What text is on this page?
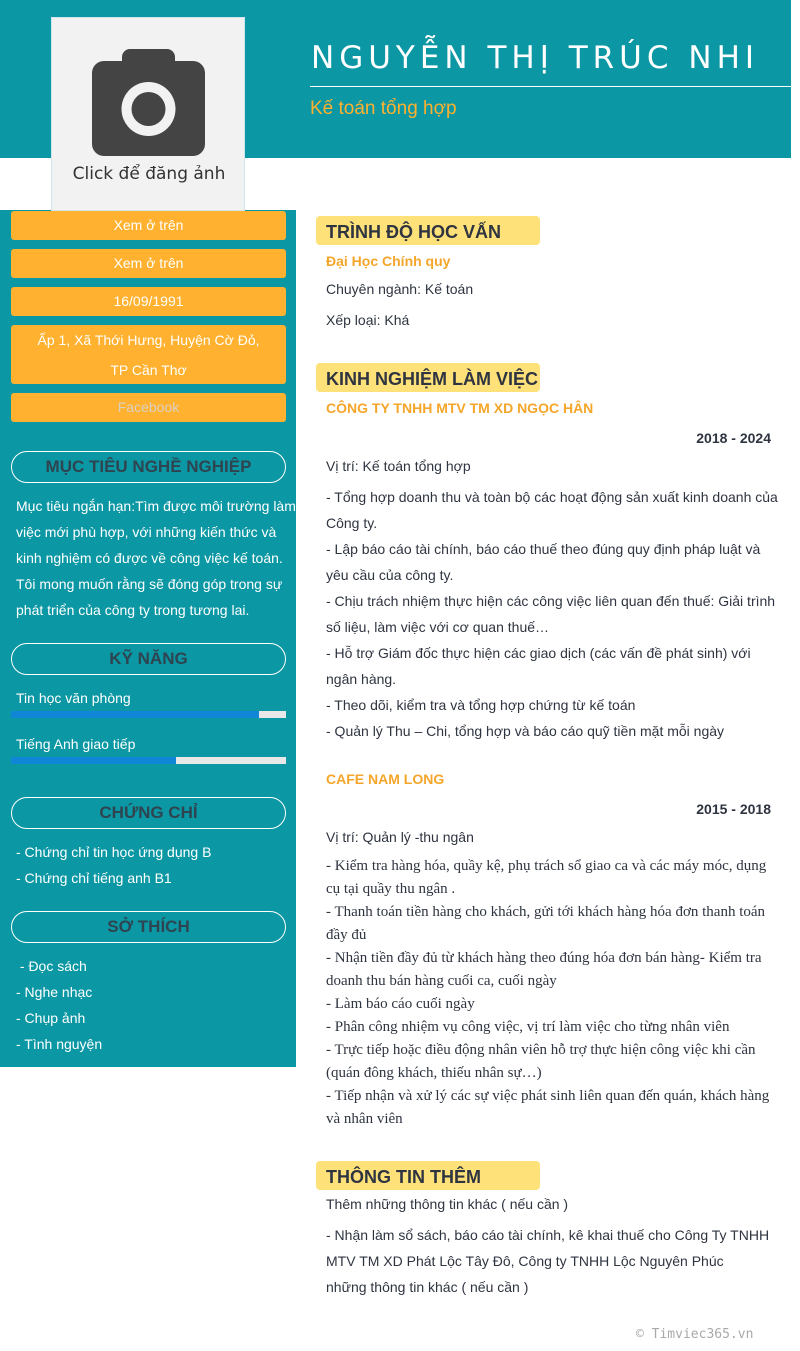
NGUYỄN THỊ TRÚC NHI
Kế toán tổng hợp
Click để đăng ảnh
Xem ở trên
Xem ở trên
16/09/1991
Ấp 1, Xã Thới Hưng, Huyện Cờ Đỏ, TP Cần Thơ
Facebook
MỤC TIÊU NGHỀ NGHIỆP
Mục tiêu ngắn hạn:Tìm được môi trường làm việc mới phù hợp, với những kiến thức và kinh nghiệm có được về công việc kế toán. Tôi mong muốn rằng sẽ đóng góp trong sự phát triển của công ty trong tương lai.
KỸ NĂNG
Tin học văn phòng
Tiếng Anh giao tiếp
CHỨNG CHỈ
- Chứng chỉ tin học ứng dụng B
- Chứng chỉ tiếng anh B1
SỞ THÍCH
- Đọc sách
- Nghe nhạc
- Chụp ảnh
- Tình nguyện
TRÌNH ĐỘ HỌC VẤN
Đại Học Chính quy
Chuyên ngành: Kế toán
Xếp loại: Khá
KINH NGHIỆM LÀM VIỆC
CÔNG TY TNHH MTV TM XD NGỌC HÂN
2018 - 2024
Vị trí: Kế toán tổng hợp

- Tổng hợp doanh thu và toàn bộ các hoạt động sản xuất kinh doanh của Công ty.

- Lập báo cáo tài chính, báo cáo thuế theo đúng quy định pháp luật và yêu cầu của công ty.

- Chịu trách nhiệm thực hiện các công việc liên quan đến thuế: Giải trình số liệu, làm việc với cơ quan thuế…

- Hỗ trợ Giám đốc thực hiện các giao dịch (các vấn đề phát sinh) với ngân hàng.

- Theo dõi, kiểm tra và tổng hợp chứng từ kế toán

- Quản lý Thu – Chi, tổng hợp và báo cáo quỹ tiền mặt mỗi ngày

CAFE NAM LONG
2015 - 2018
Vị trí: Quản lý -thu ngân

- Kiểm tra hàng hóa, quầy kệ, phụ trách sổ giao ca và các máy móc, dụng cụ tại quầy thu ngân .

- Thanh toán tiền hàng cho khách, gửi tới khách hàng hóa đơn thanh toán đầy đủ

- Nhận tiền đầy đủ từ khách hàng theo đúng hóa đơn bán hàng- Kiểm tra doanh thu bán hàng cuối ca, cuối ngày

- Làm báo cáo cuối ngày

- Phân công nhiệm vụ công việc, vị trí làm việc cho từng nhân viên

- Trực tiếp hoặc điều động nhân viên hỗ trợ thực hiện công việc khi cần (quán đông khách, thiếu nhân sự…)

- Tiếp nhận và xử lý các sự việc phát sinh liên quan đến quán, khách hàng và nhân viên

THÔNG TIN THÊM
Thêm những thông tin khác ( nếu cần )

- Nhận làm sổ sách, báo cáo tài chính, kê khai thuế cho Công Ty TNHH MTV TM XD Phát Lộc Tây Đô, Công ty TNHH Lộc Nguyên Phúc

những thông tin khác ( nếu cần )

© Timviec365.vn
